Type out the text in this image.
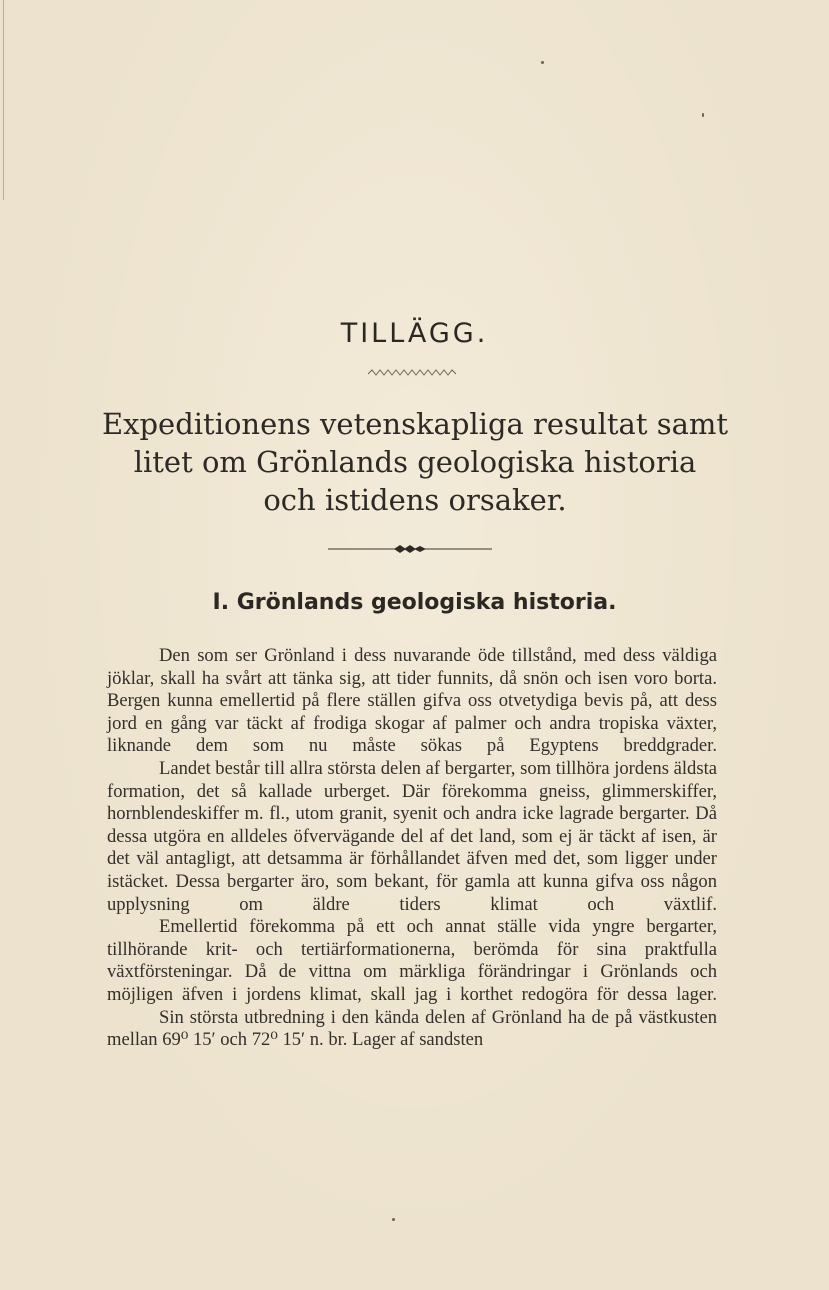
TILLÄGG.
Expeditionens vetenskapliga resultat samt
litet om Grönlands geologiska historia
och istidens orsaker.
I. Grönlands geologiska historia.

Den som ser Grönland i dess nuvarande öde tillstånd, med dess väldiga jöklar, skall ha svårt att tänka sig, att tider funnits, då snön och isen voro borta. Bergen kunna emellertid på flere ställen gifva oss otvetydiga bevis på, att dess jord en gång var täckt af frodiga skogar af palmer och andra tropiska växter, liknande dem som nu måste sökas på Egyptens breddgrader.

Landet består till allra största delen af bergarter, som tillhöra jordens äldsta formation, det så kallade urberget. Där förekomma gneiss, glimmerskiffer, hornblendeskiffer m. fl., utom granit, syenit och andra icke lagrade bergarter. Då dessa utgöra en alldeles öfvervägande del af det land, som ej är täckt af isen, är det väl antagligt, att detsamma är förhållandet äfven med det, som ligger under istäcket. Dessa bergarter äro, som bekant, för gamla att kunna gifva oss någon upplysning om äldre tiders klimat och växtlif.

Emellertid förekomma på ett och annat ställe vida yngre bergarter, tillhörande krit- och tertiärformationerna, berömda för sina praktfulla växtförsteningar. Då de vittna om märkliga förändringar i Grönlands och möjligen äfven i jordens klimat, skall jag i korthet redogöra för dessa lager.

Sin största utbredning i den kända delen af Grönland ha de på västkusten mellan 69⁰ 15′ och 72⁰ 15′ n. br. Lager af sandsten
